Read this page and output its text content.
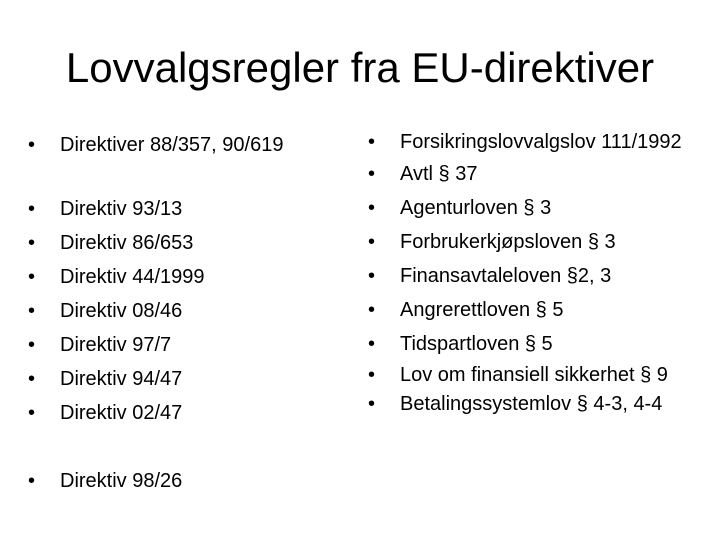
Lovvalgsregler fra EU-direktiver
•	Direktiver 88/357, 90/619
•	Direktiv 93/13
•	Direktiv 86/653
•	Direktiv 44/1999
•	Direktiv 08/46
•	Direktiv 97/7
•	Direktiv 94/47
•	Direktiv 02/47
•	Direktiv 98/26
•	Forsikringslovvalgslov 111/1992
•	Avtl § 37
•	Agenturloven § 3
•	Forbrukerkjøpsloven § 3
•	Finansavtaleloven §2, 3
•	Angrerettloven § 5
•	Tidspartloven § 5
•	Lov om finansiell sikkerhet § 9
•	Betalingssystemlov § 4-3, 4-4
